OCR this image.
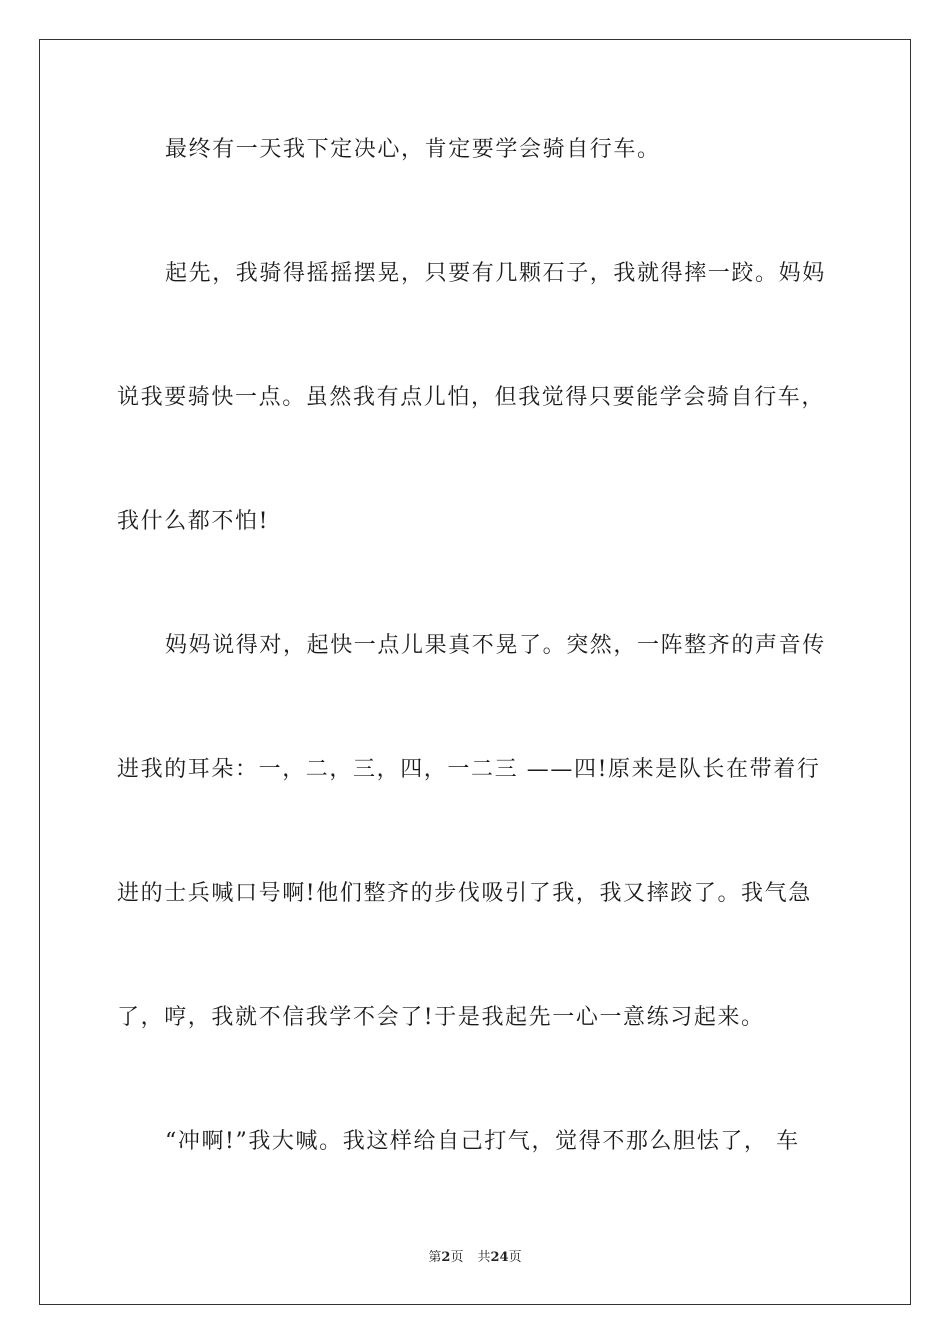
最终有一天我下定决心，肯定要学会骑自行车。
起先，我骑得摇摇摆晃，只要有几颗石子，我就得摔一跤。妈妈
说我要骑快一点。虽然我有点儿怕，但我觉得只要能学会骑自行车，
我什么都不怕!
妈妈说得对，起快一点儿果真不晃了。突然，一阵整齐的声音传
进我的耳朵：一，二，三，四，一二三 ——四!原来是队长在带着行
进的士兵喊口号啊!他们整齐的步伐吸引了我，我又摔跤了。我气急
了，哼，我就不信我学不会了!于是我起先一心一意练习起来。
“冲啊!”我大喊。我这样给自己打气，觉得不那么胆怯了， 车
第2页 共24页
